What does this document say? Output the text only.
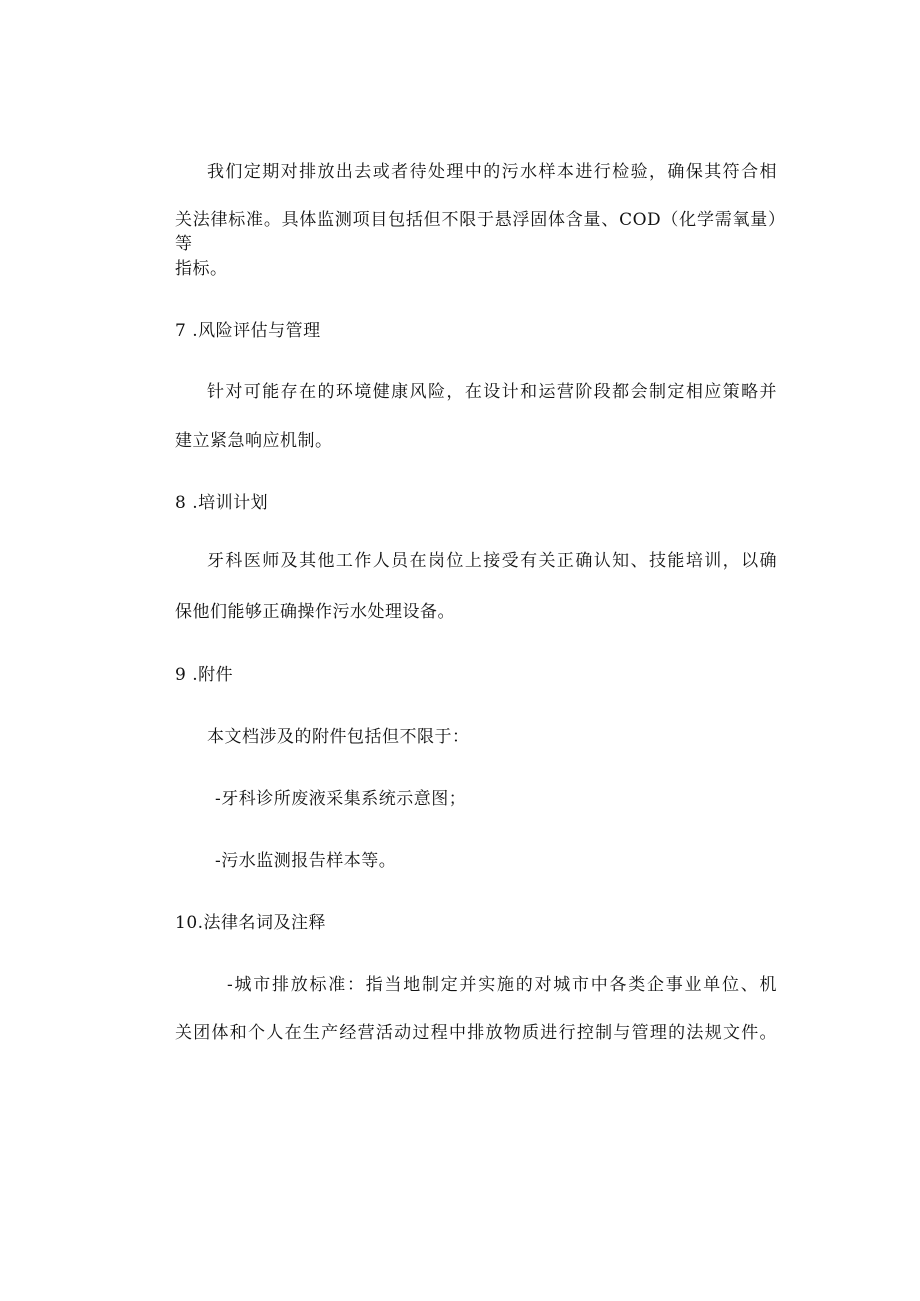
我们定期对排放出去或者待处理中的污水样本进行检验，确保其符合相
关法律标准。具体监测项目包括但不限于悬浮固体含量、COD（化学需氧量）等
指标。
7 .风险评估与管理
针对可能存在的环境健康风险，在设计和运营阶段都会制定相应策略并
建立紧急响应机制。
8 .培训计划
牙科医师及其他工作人员在岗位上接受有关正确认知、技能培训，以确
保他们能够正确操作污水处理设备。
9 .附件
本文档涉及的附件包括但不限于：
-牙科诊所废液采集系统示意图；
-污水监测报告样本等。
10.法律名词及注释
-城市排放标准：指当地制定并实施的对城市中各类企事业单位、机
关团体和个人在生产经营活动过程中排放物质进行控制与管理的法规文件。
